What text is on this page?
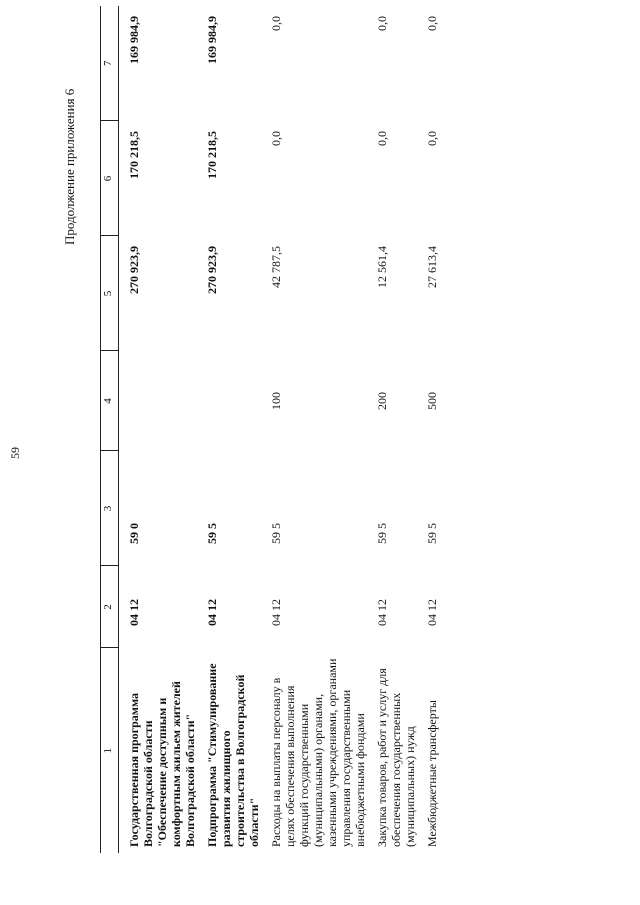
59
Продолжение приложения 6
1	2	3	4	5	6	7
Государственная программа Волгоградской области "Обеспечение доступным и комфортным жильем жителей Волгоградской области"	04 12	59 0		270 923,9	170 218,5	169 984,9
Подпрограмма "Стимулирование развития жилищного строительства в Волгоградской области"	04 12	59 5		270 923,9	170 218,5	169 984,9
Расходы на выплаты персоналу в целях обеспечения выполнения функций государственными (муниципальными) органами, казенными учреждениями, органами управления государственными внебюджетными фондами	04 12	59 5	100	42 787,5	0,0	0,0
Закупка товаров, работ и услуг для обеспечения государственных (муниципальных) нужд	04 12	59 5	200	12 561,4	0,0	0,0
Межбюджетные трансферты	04 12	59 5	500	27 613,4	0,0	0,0
